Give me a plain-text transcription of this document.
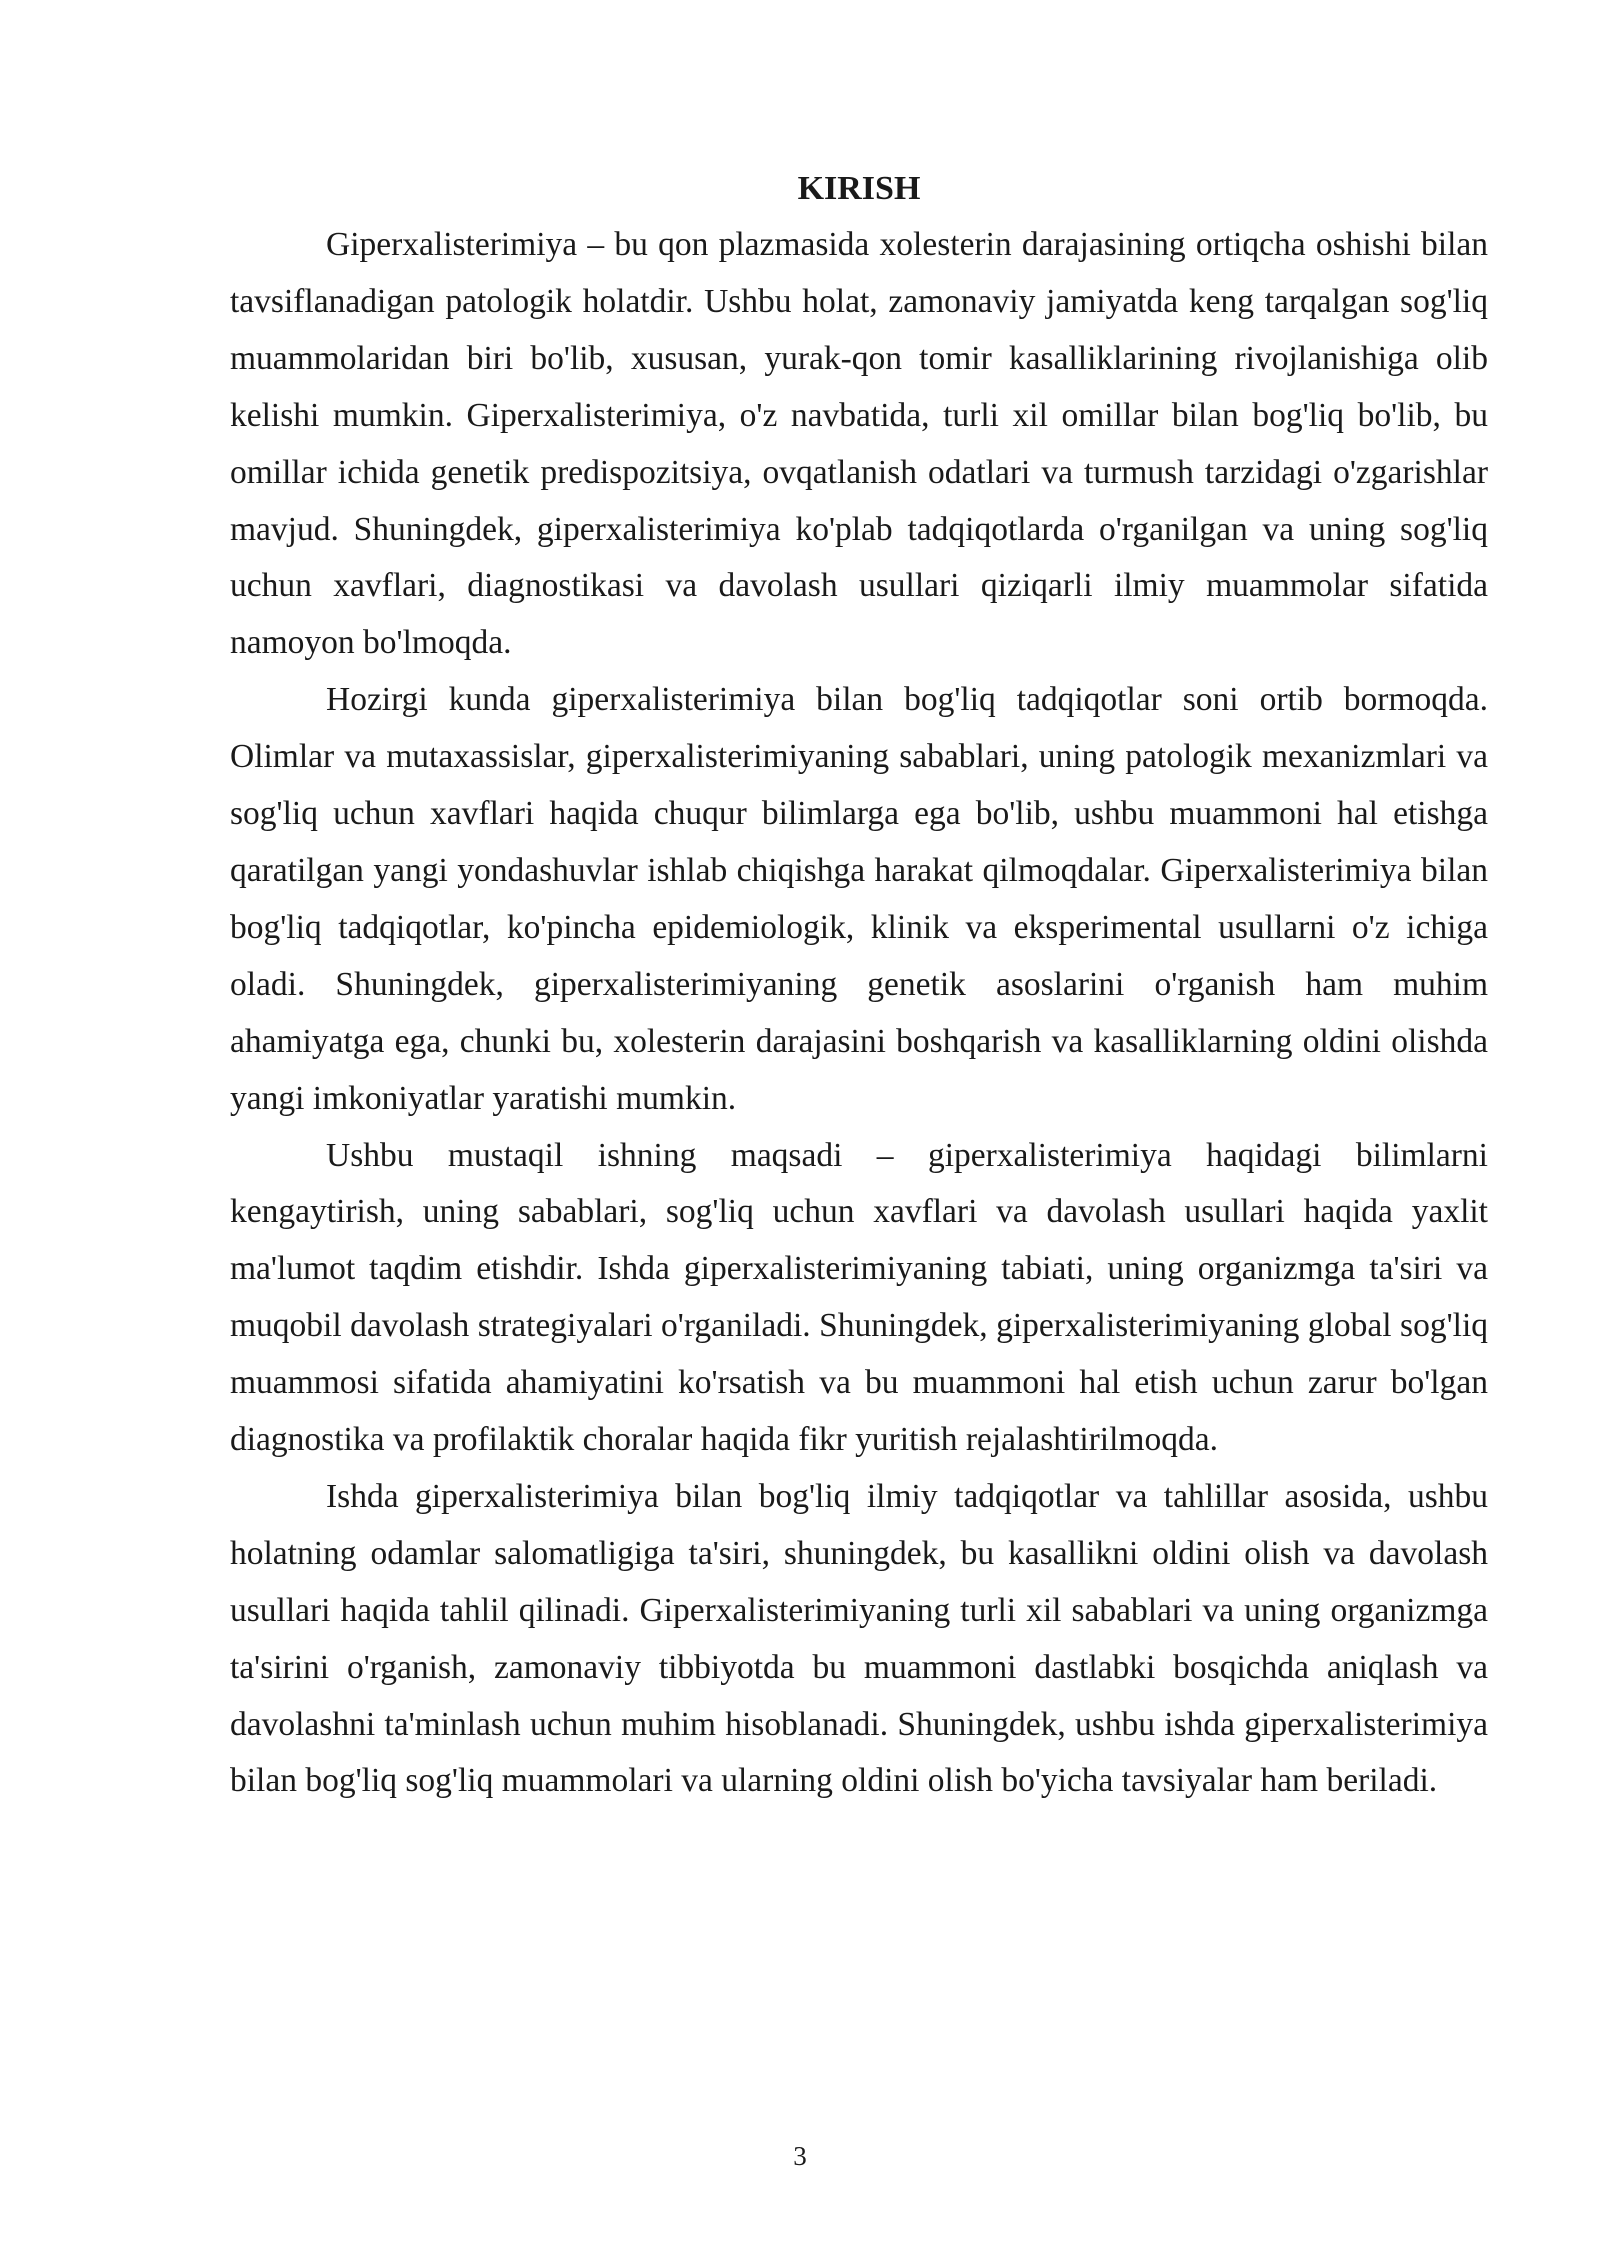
KIRISH

Giperxalisterimiya – bu qon plazmasida xolesterin darajasining ortiqcha oshishi bilan tavsiflanadigan patologik holatdir. Ushbu holat, zamonaviy jamiyatda keng tarqalgan sog'liq muammolaridan biri bo'lib, xususan, yurak-qon tomir kasalliklarining rivojlanishiga olib kelishi mumkin. Giperxalisterimiya, o'z navbatida, turli xil omillar bilan bog'liq bo'lib, bu omillar ichida genetik predispozitsiya, ovqatlanish odatlari va turmush tarzidagi o'zgarishlar mavjud. Shuningdek, giperxalisterimiya ko'plab tadqiqotlarda o'rganilgan va uning sog'liq uchun xavflari, diagnostikasi va davolash usullari qiziqarli ilmiy muammolar sifatida namoyon bo'lmoqda.

Hozirgi kunda giperxalisterimiya bilan bog'liq tadqiqotlar soni ortib bormoqda. Olimlar va mutaxassislar, giperxalisterimiyaning sabablari, uning patologik mexanizmlari va sog'liq uchun xavflari haqida chuqur bilimlarga ega bo'lib, ushbu muammoni hal etishga qaratilgan yangi yondashuvlar ishlab chiqishga harakat qilmoqdalar. Giperxalisterimiya bilan bog'liq tadqiqotlar, ko'pincha epidemiologik, klinik va eksperimental usullarni o'z ichiga oladi. Shuningdek, giperxalisterimiyaning genetik asoslarini o'rganish ham muhim ahamiyatga ega, chunki bu, xolesterin darajasini boshqarish va kasalliklarning oldini olishda yangi imkoniyatlar yaratishi mumkin.

Ushbu mustaqil ishning maqsadi – giperxalisterimiya haqidagi bilimlarni kengaytirish, uning sabablari, sog'liq uchun xavflari va davolash usullari haqida yaxlit ma'lumot taqdim etishdir. Ishda giperxalisterimiyaning tabiati, uning organizmga ta'siri va muqobil davolash strategiyalari o'rganiladi. Shuningdek, giperxalisterimiyaning global sog'liq muammosi sifatida ahamiyatini ko'rsatish va bu muammoni hal etish uchun zarur bo'lgan diagnostika va profilaktik choralar haqida fikr yuritish rejalashtirilmoqda.

Ishda giperxalisterimiya bilan bog'liq ilmiy tadqiqotlar va tahlillar asosida, ushbu holatning odamlar salomatligiga ta'siri, shuningdek, bu kasallikni oldini olish va davolash usullari haqida tahlil qilinadi. Giperxalisterimiyaning turli xil sabablari va uning organizmga ta'sirini o'rganish, zamonaviy tibbiyotda bu muammoni dastlabki bosqichda aniqlash va davolashni ta'minlash uchun muhim hisoblanadi. Shuningdek, ushbu ishda giperxalisterimiya bilan bog'liq sog'liq muammolari va ularning oldini olish bo'yicha tavsiyalar ham beriladi.

3
